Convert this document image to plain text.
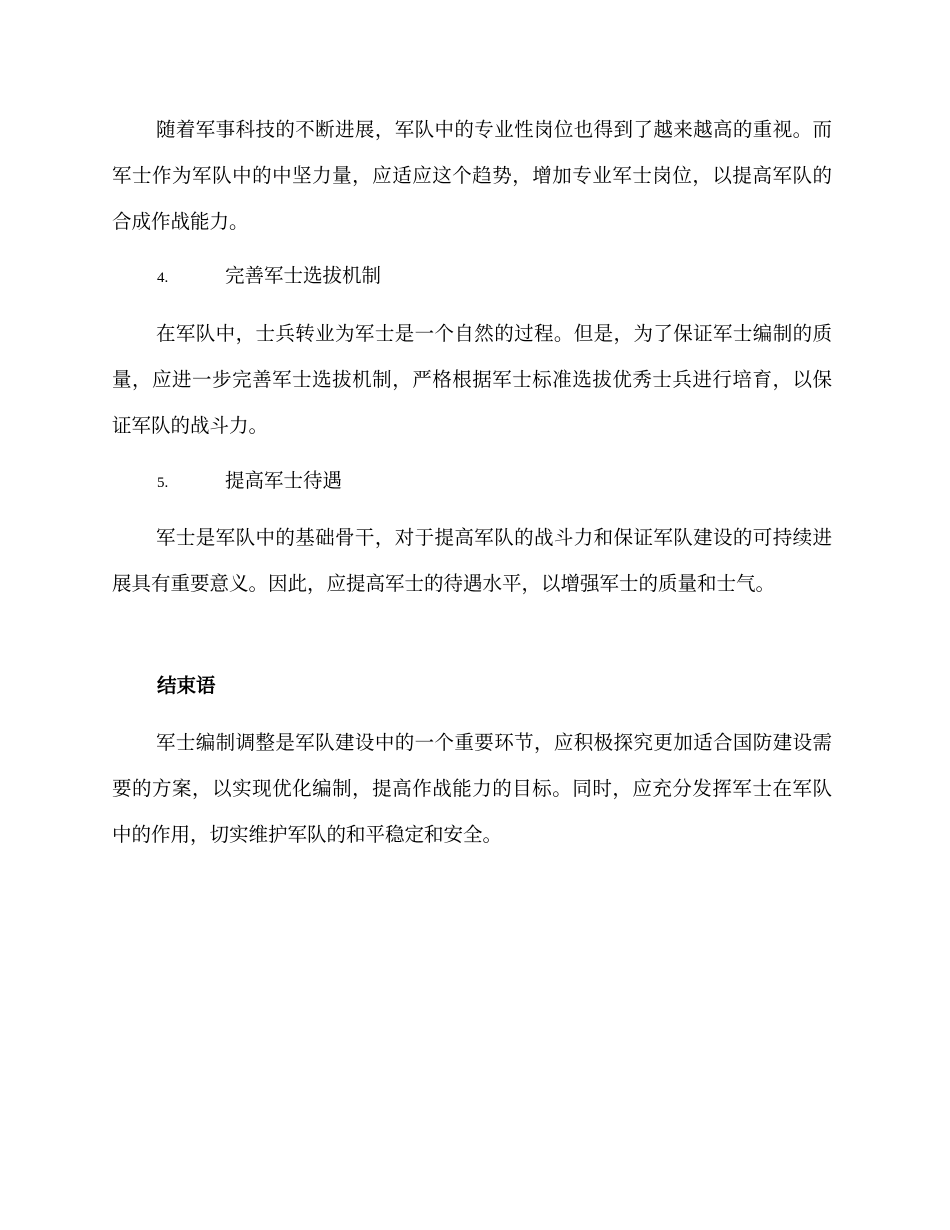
随着军事科技的不断进展，军队中的专业性岗位也得到了越来越高的重视。而军士作为军队中的中坚力量，应适应这个趋势，增加专业军士岗位，以提高军队的合成作战能力。

4.	完善军士选拔机制

在军队中，士兵转业为军士是一个自然的过程。但是，为了保证军士编制的质量，应进一步完善军士选拔机制，严格根据军士标准选拔优秀士兵进行培育，以保证军队的战斗力。

5.	提高军士待遇

军士是军队中的基础骨干，对于提高军队的战斗力和保证军队建设的可持续进展具有重要意义。因此，应提高军士的待遇水平，以增强军士的质量和士气。

结束语

军士编制调整是军队建设中的一个重要环节，应积极探究更加适合国防建设需要的方案，以实现优化编制，提高作战能力的目标。同时，应充分发挥军士在军队中的作用，切实维护军队的和平稳定和安全。
